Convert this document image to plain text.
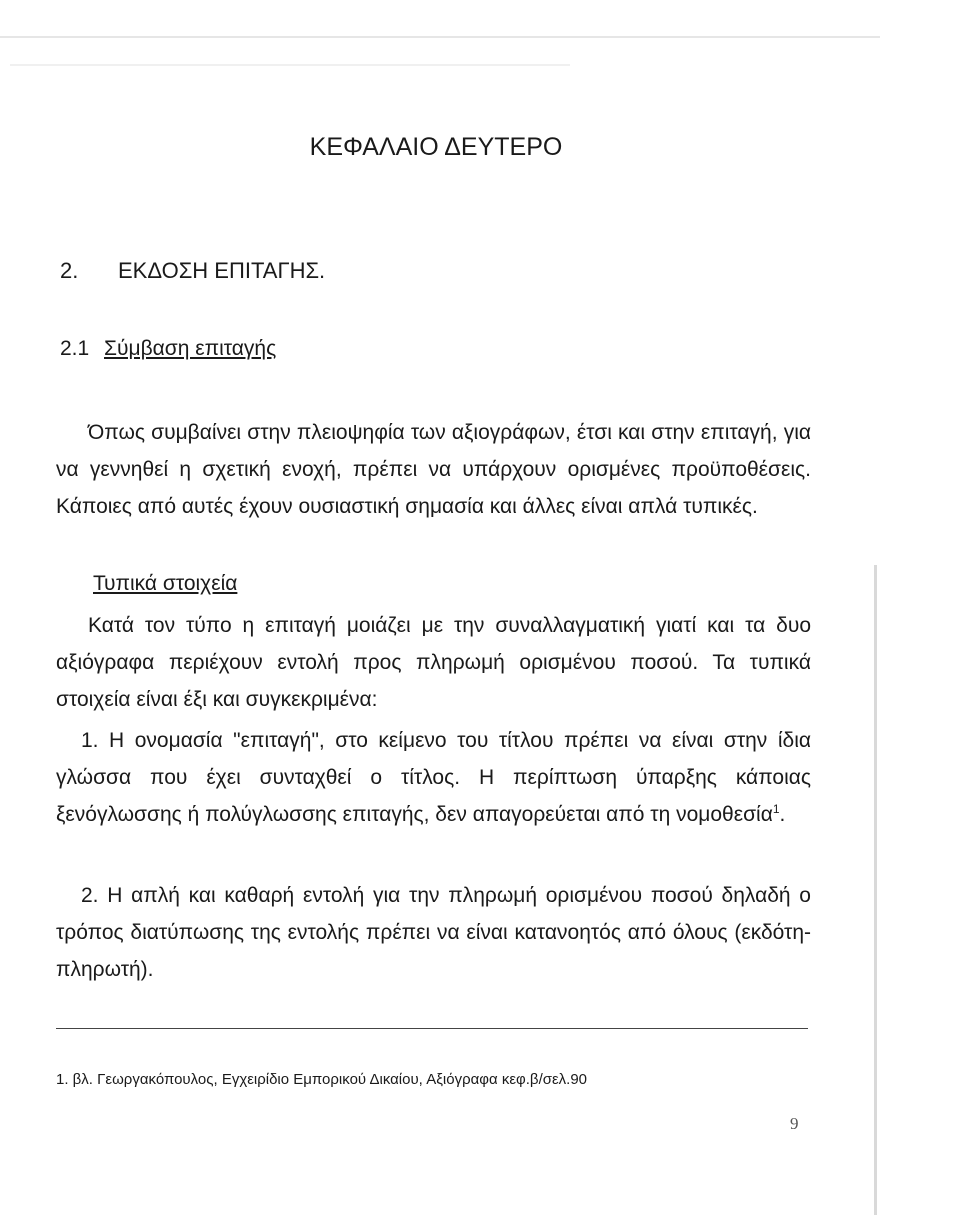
ΚΕΦΑΛΑΙΟ ΔΕΥΤΕΡΟ
2. ΕΚΔΟΣΗ ΕΠΙΤΑΓΗΣ.
2.1 Σύμβαση επιταγής

Όπως συμβαίνει στην πλειοψηφία των αξιογράφων, έτσι και στην επιταγή, για να γεννηθεί η σχετική ενοχή, πρέπει να υπάρχουν ορισμένες προϋποθέσεις. Κάποιες από αυτές έχουν ουσιαστική σημασία και άλλες είναι απλά τυπικές.

Τυπικά στοιχεία

Κατά τον τύπο η επιταγή μοιάζει με την συναλλαγματική γιατί και τα δυο αξιόγραφα περιέχουν εντολή προς πληρωμή ορισμένου ποσού. Τα τυπικά στοιχεία είναι έξι και συγκεκριμένα:

1. Η ονομασία "επιταγή", στο κείμενο του τίτλου πρέπει να είναι στην ίδια γλώσσα που έχει συνταχθεί ο τίτλος. Η περίπτωση ύπαρξης κάποιας ξενόγλωσσης ή πολύγλωσσης επιταγής, δεν απαγορεύεται από τη νομοθεσία$^1$.

2. Η απλή και καθαρή εντολή για την πληρωμή ορισμένου ποσού δηλαδή ο τρόπος διατύπωσης της εντολής πρέπει να είναι κατανοητός από όλους (εκδότη-πληρωτή).

1. βλ. Γεωργακόπουλος, Εγχειρίδιο Εμπορικού Δικαίου, Αξιόγραφα κεφ.β/σελ.90

9
